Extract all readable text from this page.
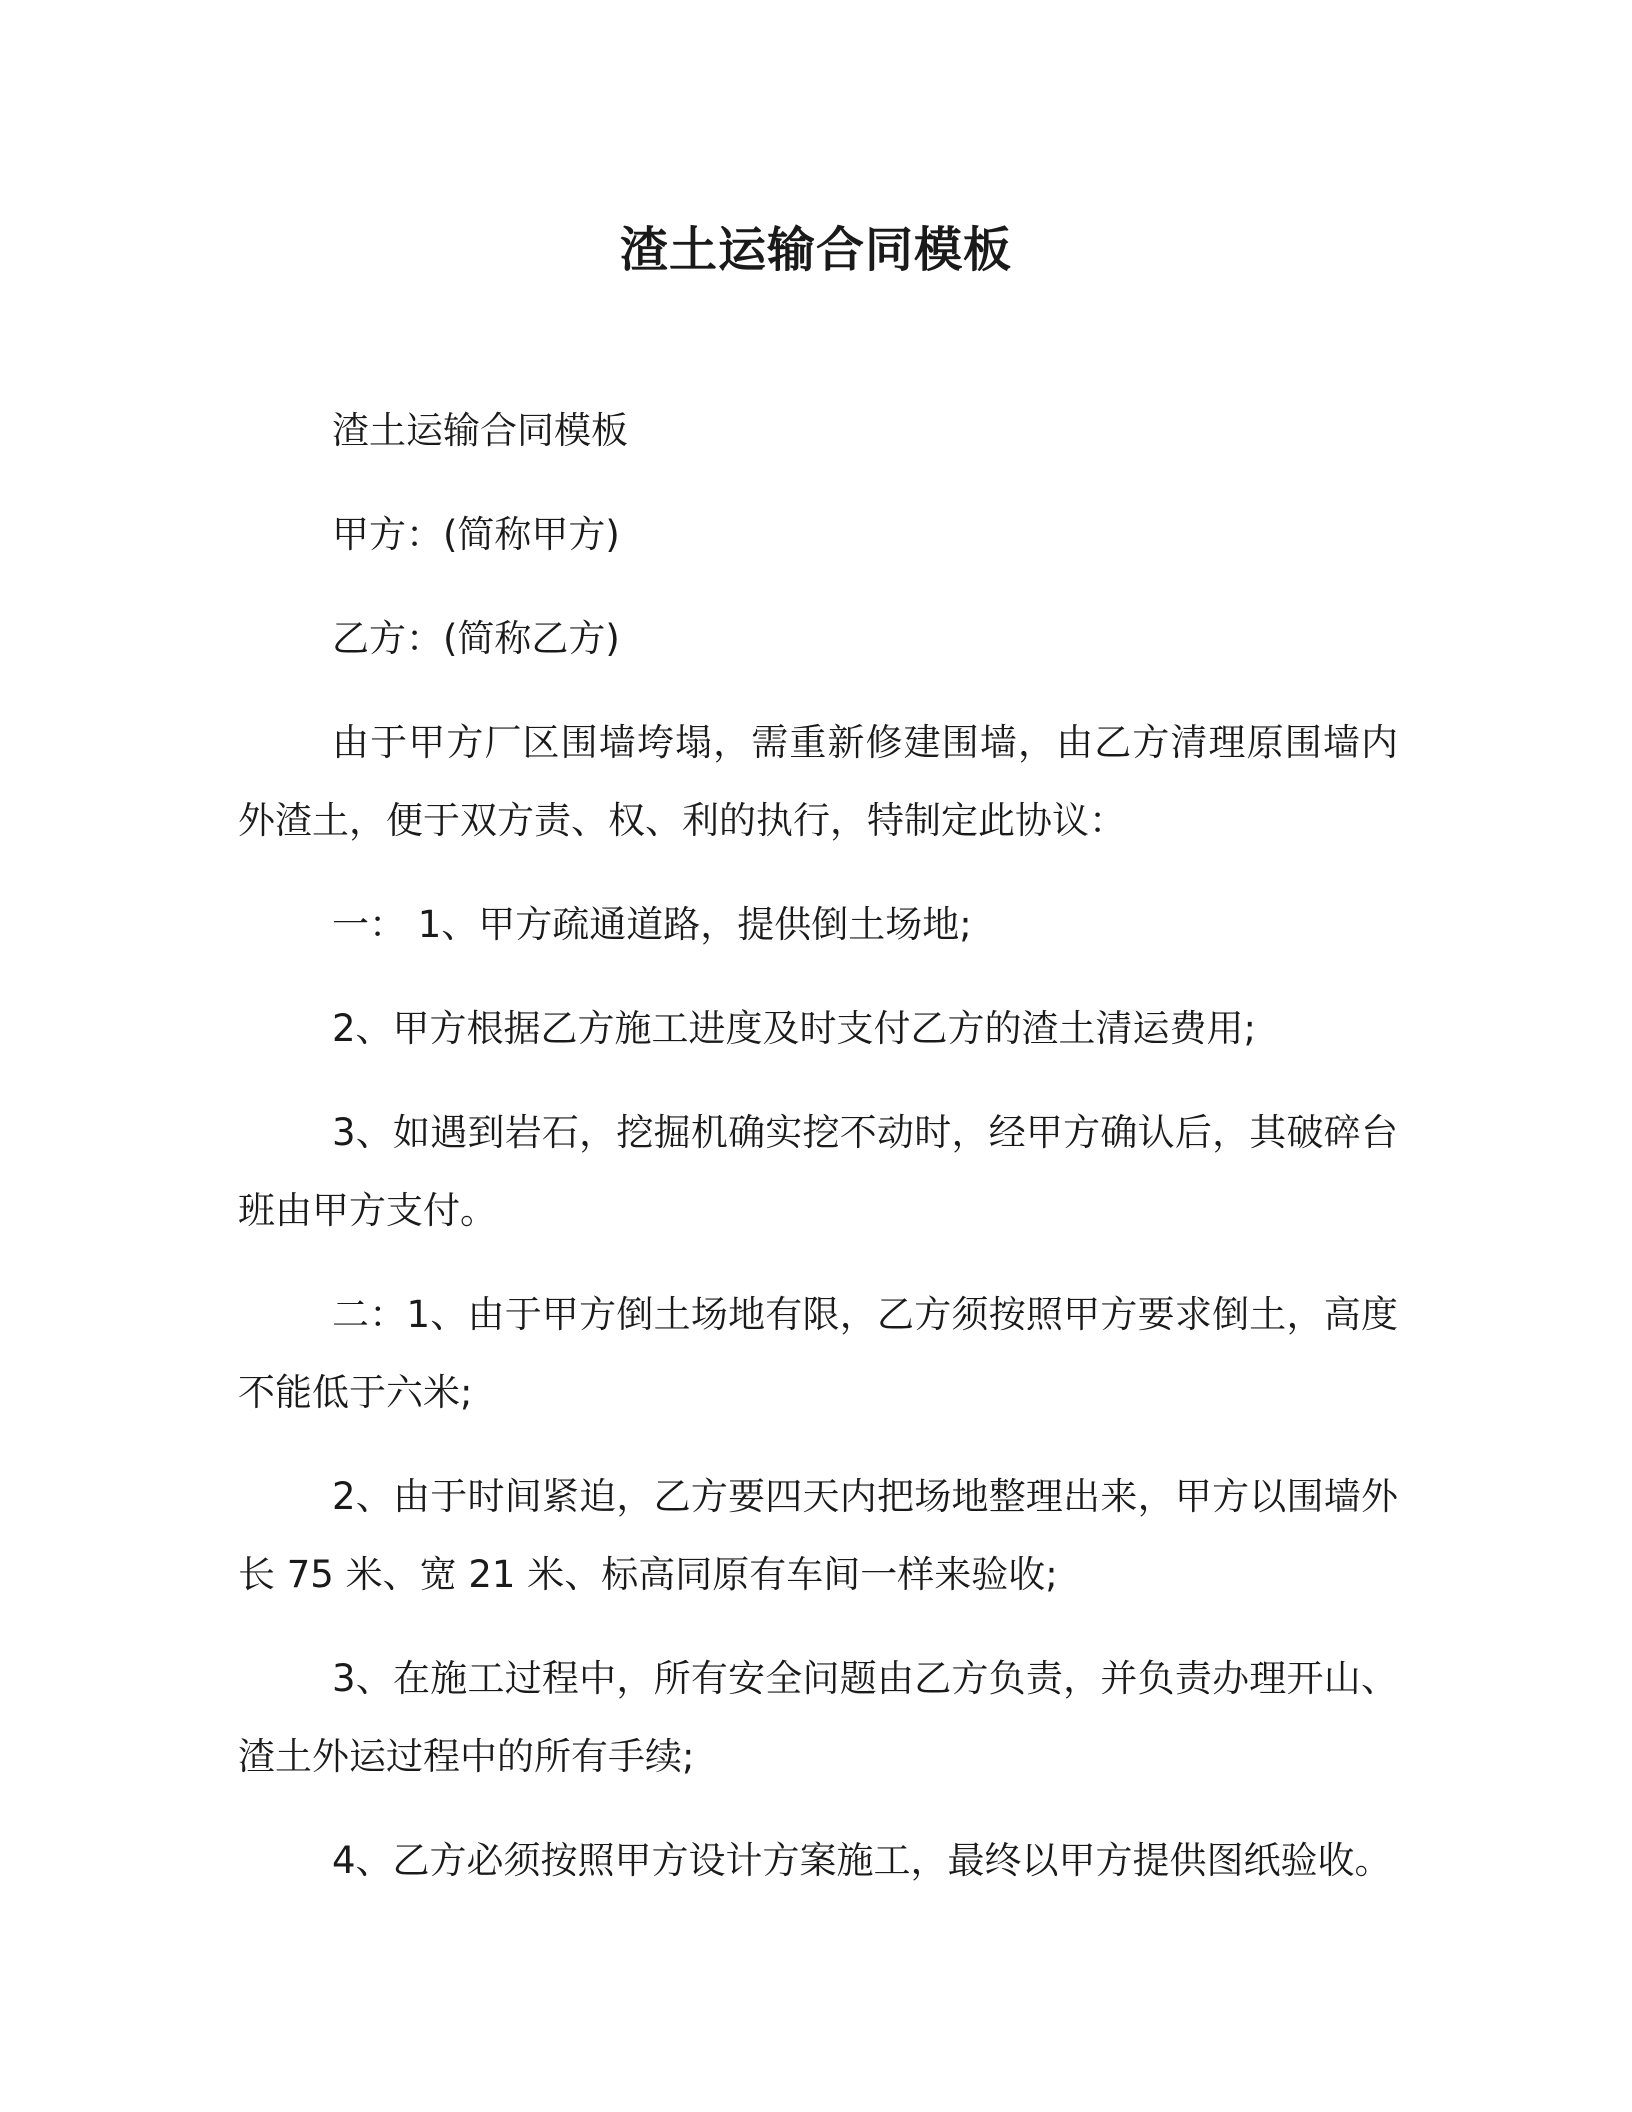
渣土运输合同模板

渣土运输合同模板

甲方：(简称甲方)

乙方：(简称乙方)

由于甲方厂区围墙垮塌，需重新修建围墙，由乙方清理原围墙内外渣土，便于双方责、权、利的执行，特制定此协议：

一： 1、甲方疏通道路，提供倒土场地;

2、甲方根据乙方施工进度及时支付乙方的渣土清运费用;

3、如遇到岩石，挖掘机确实挖不动时，经甲方确认后，其破碎台班由甲方支付。

二：1、由于甲方倒土场地有限，乙方须按照甲方要求倒土，高度不能低于六米;

2、由于时间紧迫，乙方要四天内把场地整理出来，甲方以围墙外长 75 米、宽 21 米、标高同原有车间一样来验收;

3、在施工过程中，所有安全问题由乙方负责，并负责办理开山、渣土外运过程中的所有手续;

4、乙方必须按照甲方设计方案施工，最终以甲方提供图纸验收。
